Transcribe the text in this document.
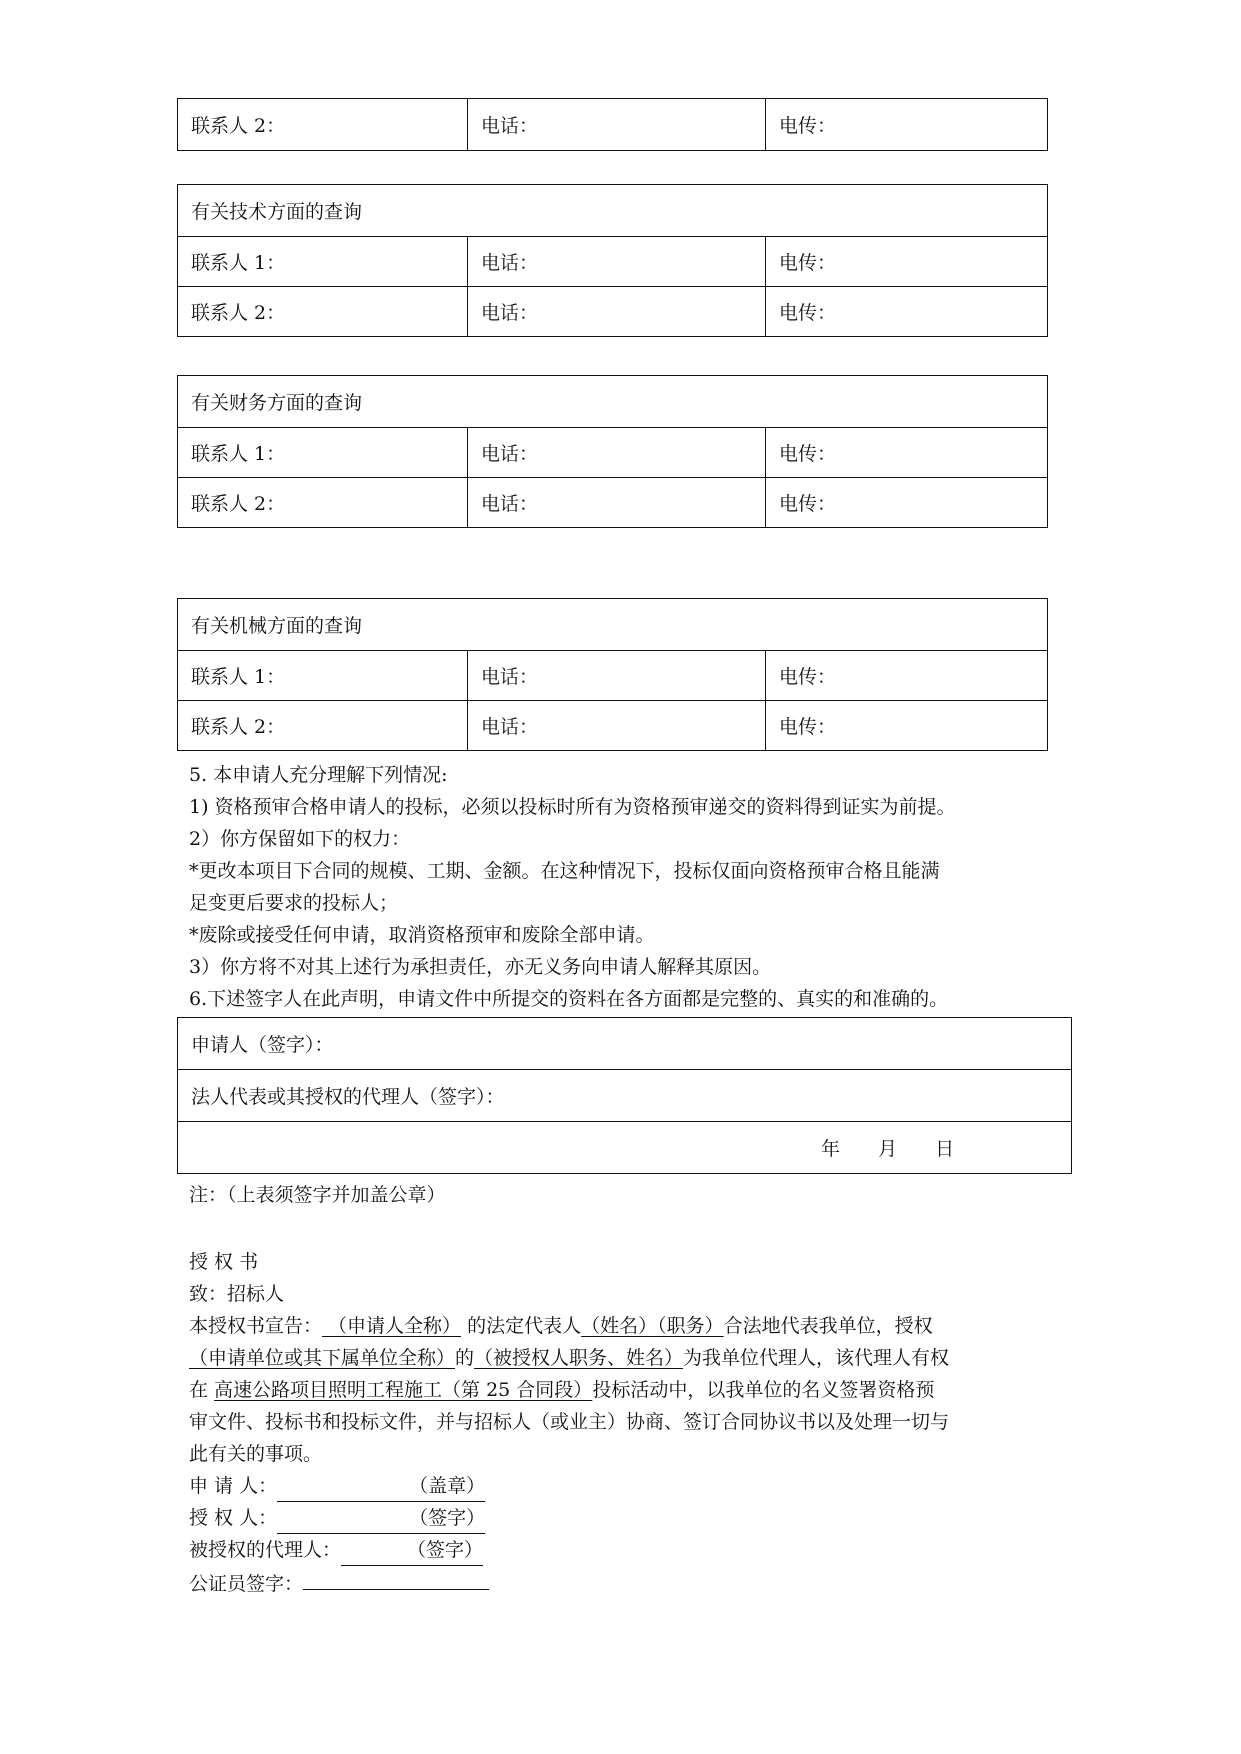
联系人 2：	电话：	电传：
有关技术方面的查询		
联系人 1：	电话：	电传：
联系人 2：	电话：	电传：
有关财务方面的查询		
联系人 1：	电话：	电传：
联系人 2：	电话：	电传：
有关机械方面的查询		
联系人 1：	电话：	电传：
联系人 2：	电话：	电传：
5. 本申请人充分理解下列情况:
1) 资格预审合格申请人的投标，必须以投标时所有为资格预审递交的资料得到证实为前提。
2）你方保留如下的权力：
*更改本项目下合同的规模、工期、金额。在这种情况下，投标仅面向资格预审合格且能满
足变更后要求的投标人；
*废除或接受任何申请，取消资格预审和废除全部申请。
3）你方将不对其上述行为承担责任，亦无义务向申请人解释其原因。
6.下述签字人在此声明，申请文件中所提交的资料在各方面都是完整的、真实的和准确的。
申请人（签字）：
法人代表或其授权的代理人（签字）：
年 月 日
注：（上表须签字并加盖公章）
授 权 书
致：招标人
本授权书宣告： （申请人全称） 的法定代表人（姓名）（职务）合法地代表我单位，授权
（申请单位或其下属单位全称）的（被授权人职务、姓名）为我单位代理人，该代理人有权
在 高速公路项目照明工程施工（第 25 合同段）投标活动中，以我单位的名义签署资格预
审文件、投标书和投标文件，并与招标人（或业主）协商、签订合同协议书以及处理一切与
此有关的事项。
申 请 人：	（盖章）
授 权 人：	（签字）
被授权的代理人：	（签字）
公证员签字：
